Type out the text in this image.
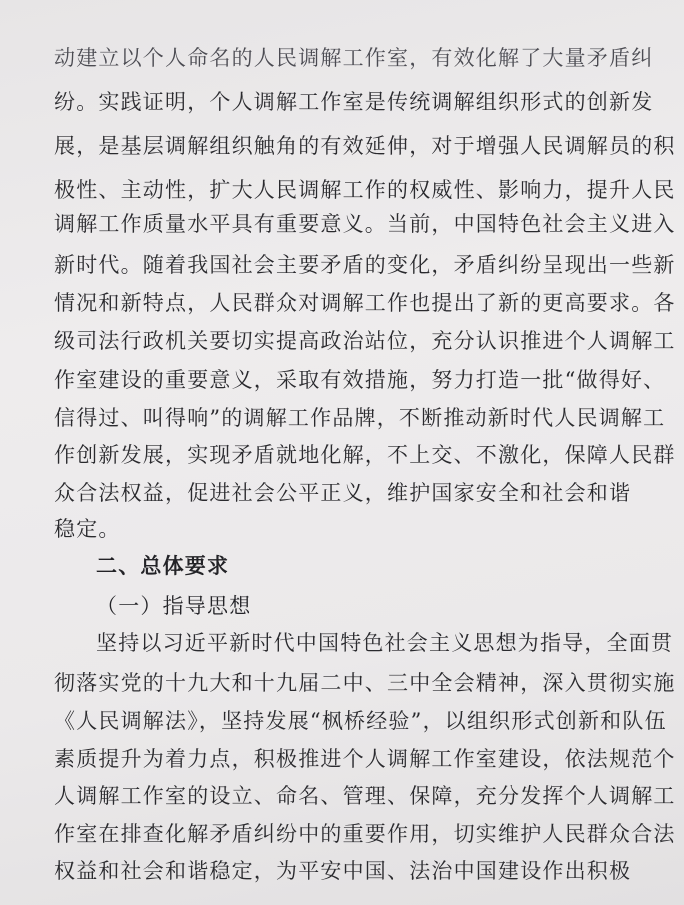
动建立以个人命名的人民调解工作室，有效化解了大量矛盾纠
纷。实践证明，个人调解工作室是传统调解组织形式的创新发
展，是基层调解组织触角的有效延伸，对于增强人民调解员的积
极性、主动性，扩大人民调解工作的权威性、影响力，提升人民
调解工作质量水平具有重要意义。当前，中国特色社会主义进入
新时代。随着我国社会主要矛盾的变化，矛盾纠纷呈现出一些新
情况和新特点，人民群众对调解工作也提出了新的更高要求。各
级司法行政机关要切实提高政治站位，充分认识推进个人调解工
作室建设的重要意义，采取有效措施，努力打造一批“做得好、
信得过、叫得响”的调解工作品牌，不断推动新时代人民调解工
作创新发展，实现矛盾就地化解，不上交、不激化，保障人民群
众合法权益，促进社会公平正义，维护国家安全和社会和谐
稳定。
二、总体要求
（一）指导思想
坚持以习近平新时代中国特色社会主义思想为指导，全面贯
彻落实党的十九大和十九届二中、三中全会精神，深入贯彻实施
《人民调解法》，坚持发展“枫桥经验”，以组织形式创新和队伍
素质提升为着力点，积极推进个人调解工作室建设，依法规范个
人调解工作室的设立、命名、管理、保障，充分发挥个人调解工
作室在排查化解矛盾纠纷中的重要作用，切实维护人民群众合法
权益和社会和谐稳定，为平安中国、法治中国建设作出积极
